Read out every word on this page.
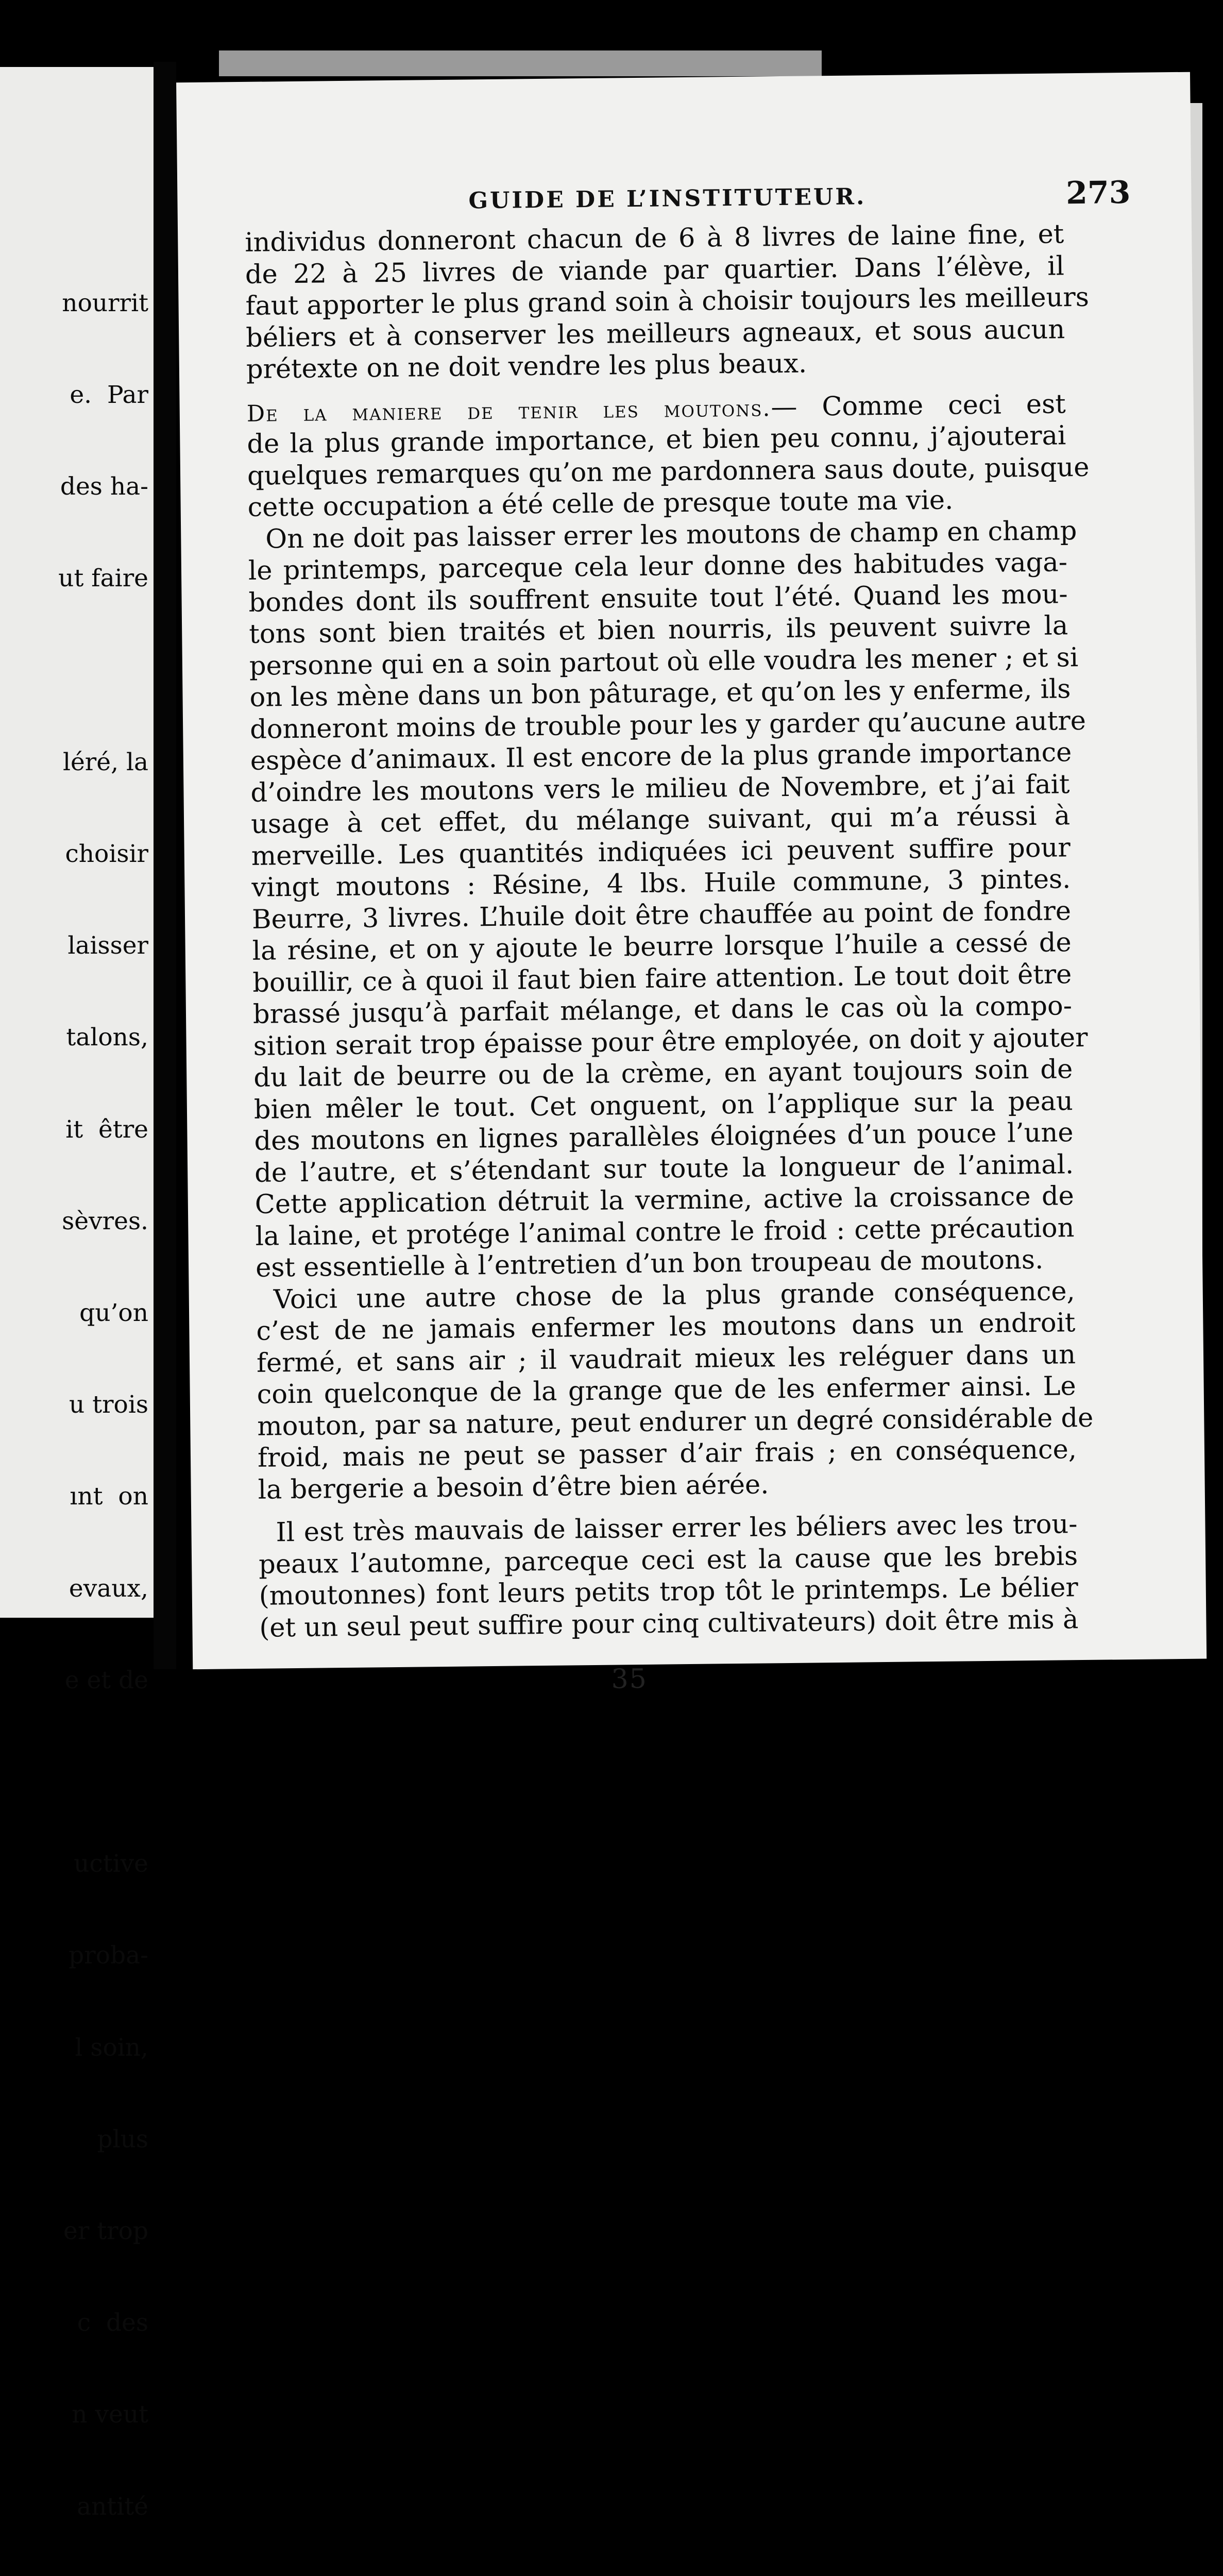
nourrit

e.  Par

des ha-

ut faire

léré, la

choisir

laisser

talons,

it  être

sèvres.

qu’on

u trois

ınt  on

evaux,

e et de

uctive

proba-

l soin,

plus

er trop

c  des

n veut

antité

GUIDE DE L’INSTITUTEUR.	273
individus donneront chacun de 6 à 8 livres de laine fine, et
de 22 à 25 livres de viande par quartier. Dans l’élève, il
faut apporter le plus grand soin à choisir toujours les meilleurs
béliers et à conserver les meilleurs agneaux, et sous aucun
prétexte on ne doit vendre les plus beaux.
De la maniere de tenir les moutons.— Comme ceci est
de la plus grande importance, et bien peu connu, j’ajouterai
quelques remarques qu’on me pardonnera saus doute, puisque
cette occupation a été celle de presque toute ma vie.
On ne doit pas laisser errer les moutons de champ en champ
le printemps, parceque cela leur donne des habitudes vaga-
bondes dont ils souffrent ensuite tout l’été. Quand les mou-
tons sont bien traités et bien nourris, ils peuvent suivre la
personne qui en a soin partout où elle voudra les mener ; et si
on les mène dans un bon pâturage, et qu’on les y enferme, ils
donneront moins de trouble pour les y garder qu’aucune autre
espèce d’animaux. Il est encore de la plus grande importance
d’oindre les moutons vers le milieu de Novembre, et j’ai fait
usage à cet effet, du mélange suivant, qui m’a réussi à
merveille. Les quantités indiquées ici peuvent suffire pour
vingt moutons : Résine, 4 lbs. Huile commune, 3 pintes.
Beurre, 3 livres. L’huile doit être chauffée au point de fondre
la résine, et on y ajoute le beurre lorsque l’huile a cessé de
bouillir, ce à quoi il faut bien faire attention. Le tout doit être
brassé jusqu’à parfait mélange, et dans le cas où la compo-
sition serait trop épaisse pour être employée, on doit y ajouter
du lait de beurre ou de la crème, en ayant toujours soin de
bien mêler le tout. Cet onguent, on l’applique sur la peau
des moutons en lignes parallèles éloignées d’un pouce l’une
de l’autre, et s’étendant sur toute la longueur de l’animal.
Cette application détruit la vermine, active la croissance de
la laine, et protége l’animal contre le froid : cette précaution
est essentielle à l’entretien d’un bon troupeau de moutons.
Voici une autre chose de la plus grande conséquence,
c’est de ne jamais enfermer les moutons dans un endroit
fermé, et sans air ; il vaudrait mieux les reléguer dans un
coin quelconque de la grange que de les enfermer ainsi. Le
mouton, par sa nature, peut endurer un degré considérable de
froid, mais ne peut se passer d’air frais ; en conséquence,
la bergerie a besoin d’être bien aérée.
Il est très mauvais de laisser errer les béliers avec les trou-
peaux l’automne, parceque ceci est la cause que les brebis
(moutonnes) font leurs petits trop tôt le printemps. Le bélier
(et un seul peut suffire pour cinq cultivateurs) doit être mis à
35
